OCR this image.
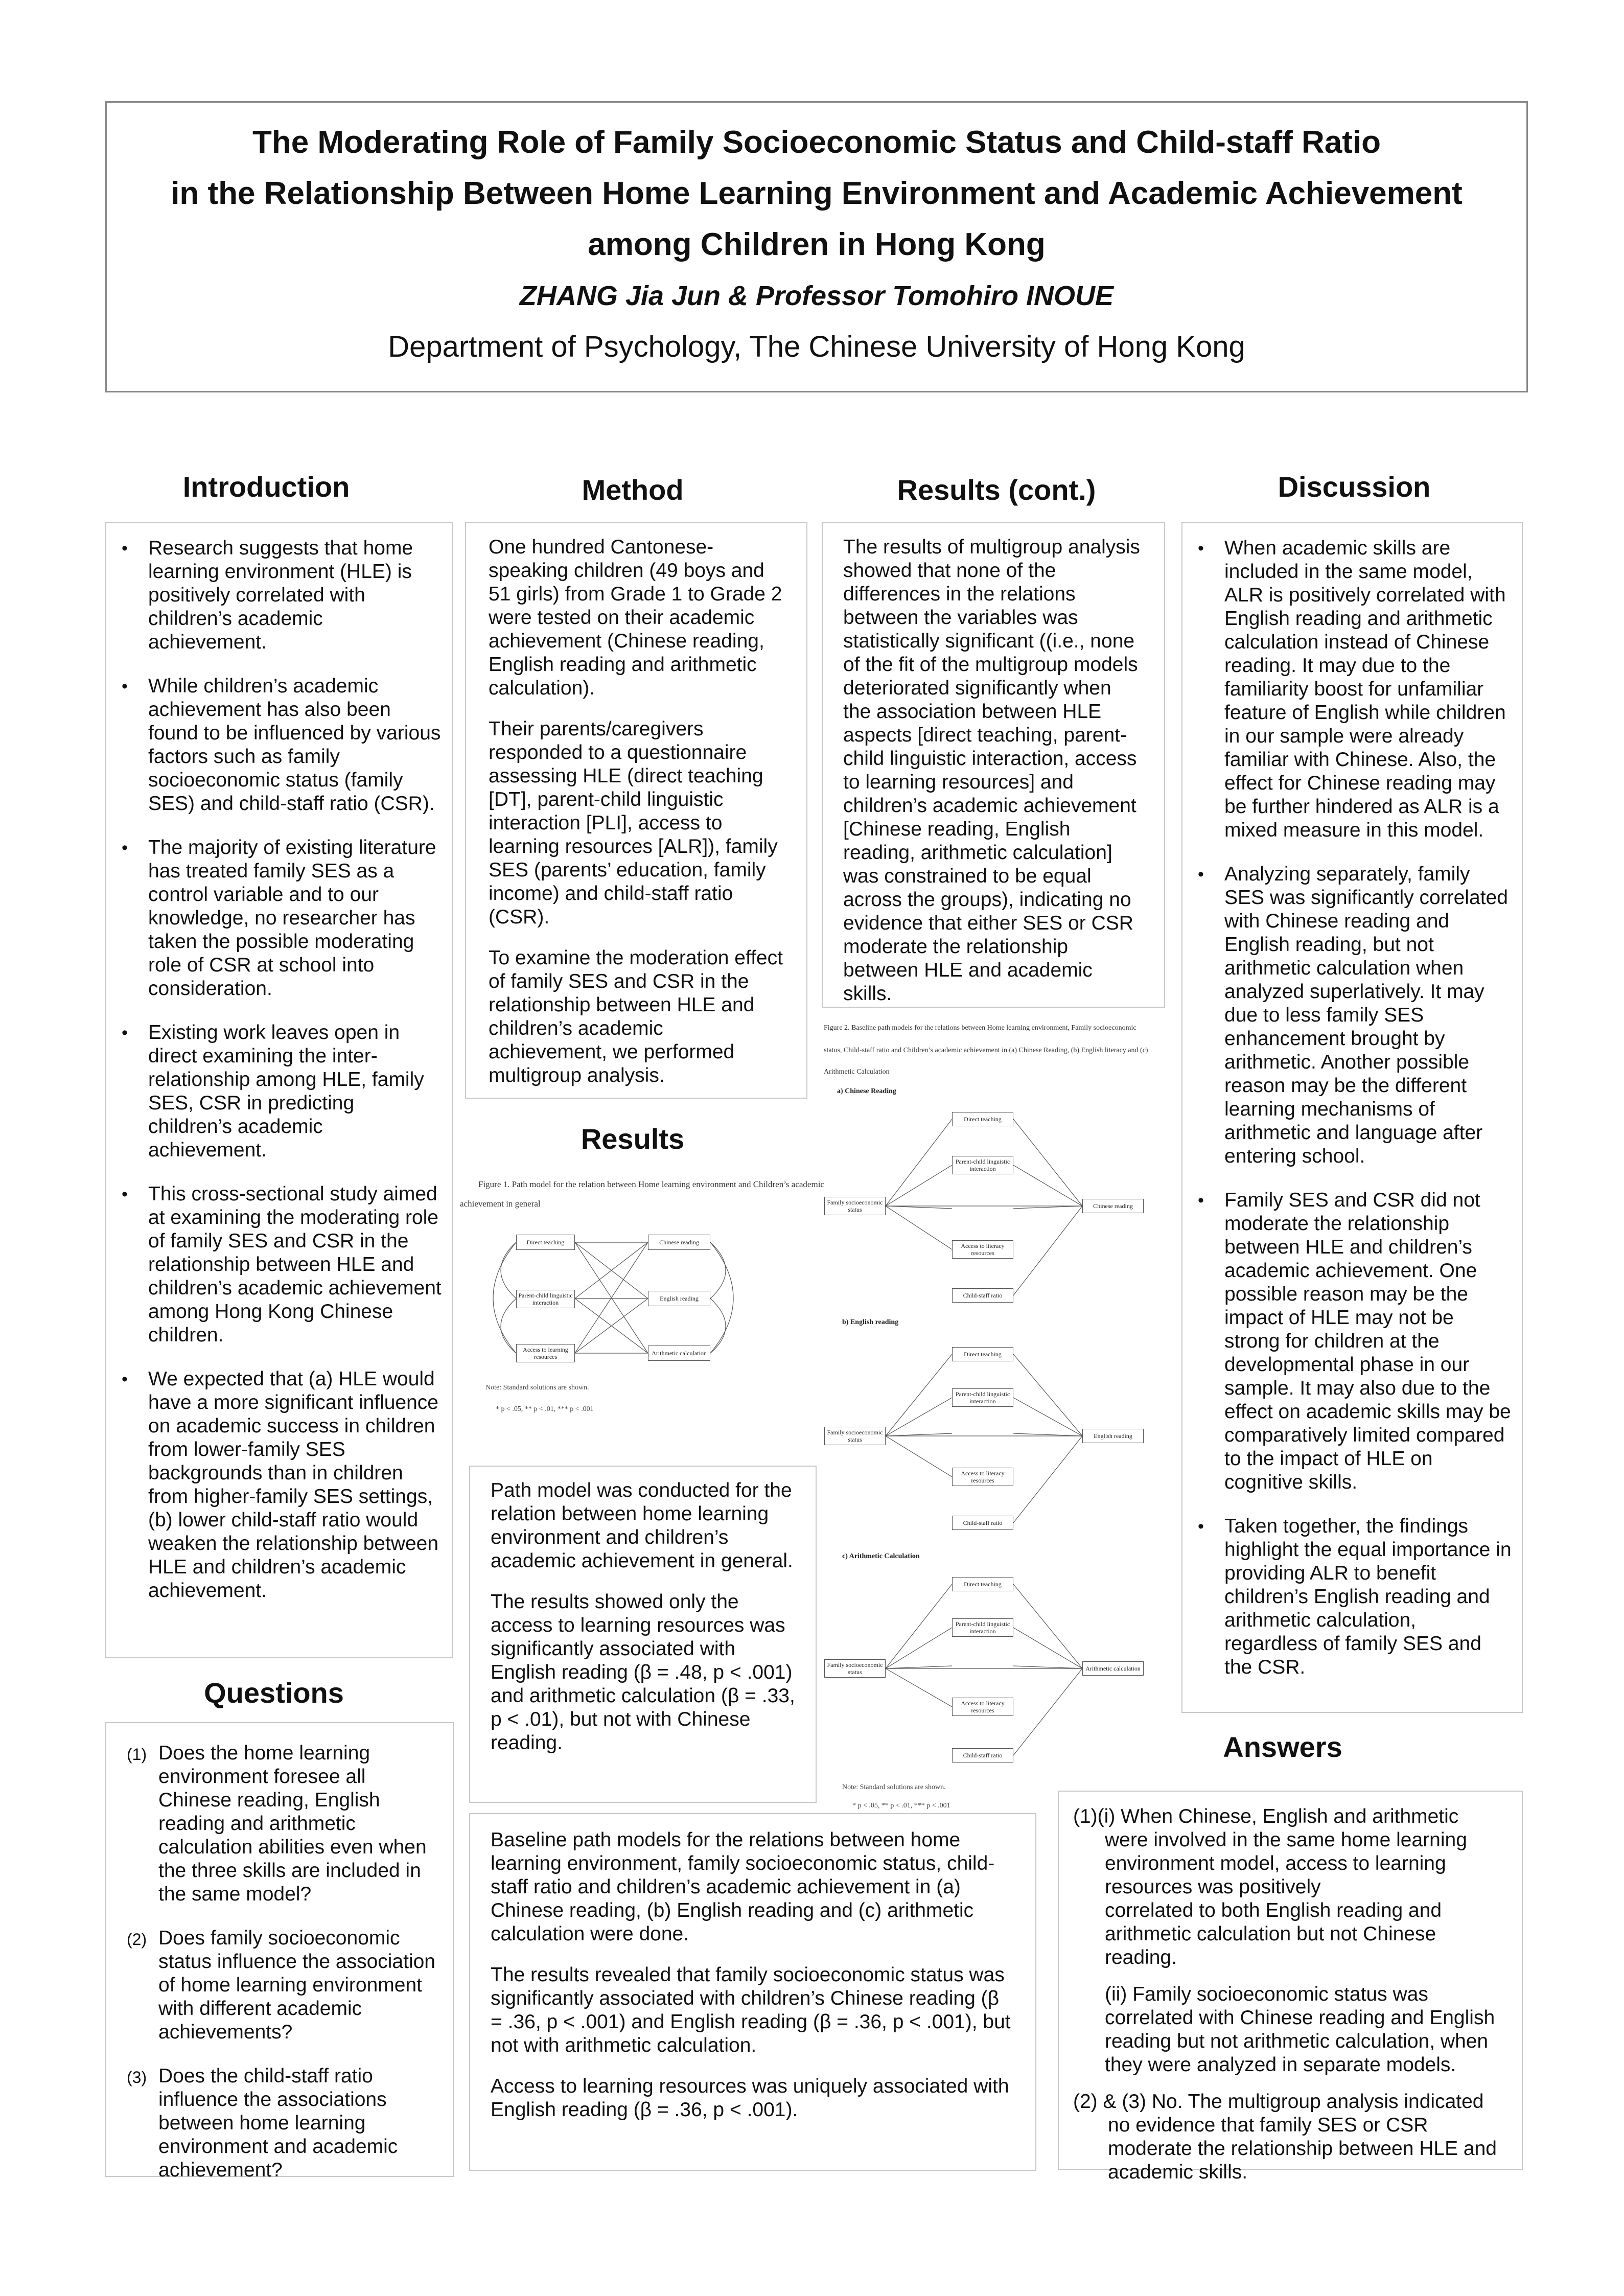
The Moderating Role of Family Socioeconomic Status and Child-staff Ratio
in the Relationship Between Home Learning Environment and Academic Achievement
among Children in Hong Kong
ZHANG Jia Jun & Professor Tomohiro INOUE
Department of Psychology, The Chinese University of Hong Kong
Introduction	Method	Results (cont.)	Discussion
Results
Questions
Answers
• Research suggests that home learning environment (HLE) is positively correlated with children’s academic achievement.
• While children’s academic achievement has also been found to be influenced by various factors such as family socioeconomic status (family SES) and child-staff ratio (CSR).
• The majority of existing literature has treated family SES as a control variable and to our knowledge, no researcher has taken the possible moderating role of CSR at school into consideration.
• Existing work leaves open in direct examining the inter-relationship among HLE, family SES, CSR in predicting children’s academic achievement.
• This cross-sectional study aimed at examining the moderating role of family SES and CSR in the relationship between HLE and children’s academic achievement among Hong Kong Chinese children.
• We expected that (a) HLE would have a more significant influence on academic success in children from lower-family SES backgrounds than in children from higher-family SES settings, (b) lower child-staff ratio would weaken the relationship between HLE and children’s academic achievement.

One hundred Cantonese-speaking children (49 boys and 51 girls) from Grade 1 to Grade 2 were tested on their academic achievement (Chinese reading, English reading and arithmetic calculation).

Their parents/caregivers responded to a questionnaire assessing HLE (direct teaching [DT], parent-child linguistic interaction [PLI], access to learning resources [ALR]), family SES (parents’ education, family income) and child-staff ratio (CSR).

To examine the moderation effect of family SES and CSR in the relationship between HLE and children’s academic achievement, we performed multigroup analysis.

The results of multigroup analysis showed that none of the differences in the relations between the variables was statistically significant ((i.e., none of the fit of the multigroup models deteriorated significantly when the association between HLE aspects [direct teaching, parent-child linguistic interaction, access to learning resources] and children’s academic achievement [Chinese reading, English reading, arithmetic calculation] was constrained to be equal across the groups), indicating no evidence that either SES or CSR moderate the relationship between HLE and academic skills.

• When academic skills are included in the same model, ALR is positively correlated with English reading and arithmetic calculation instead of Chinese reading. It may due to the familiarity boost for unfamiliar feature of English while children in our sample were already familiar with Chinese. Also, the effect for Chinese reading may be further hindered as ALR is a mixed measure in this model.
• Analyzing separately, family SES was significantly correlated with Chinese reading and English reading, but not arithmetic calculation when analyzed superlatively. It may due to less family SES enhancement brought by arithmetic. Another possible reason may be the different learning mechanisms of arithmetic and language after entering school.
• Family SES and CSR did not moderate the relationship between HLE and children’s academic achievement. One possible reason may be the impact of HLE may not be strong for children at the developmental phase in our sample. It may also due to the effect on academic skills may be comparatively limited compared to the impact of HLE on cognitive skills.
• Taken together, the findings highlight the equal importance in providing ALR to benefit children’s English reading and arithmetic calculation, regardless of family SES and the CSR.
(1) Does the home learning environment foresee all Chinese reading, English reading and arithmetic calculation abilities even when the three skills are included in the same model?
(2) Does family socioeconomic status influence the association of home learning environment with different academic achievements?
(3) Does the child-staff ratio influence the associations between home learning environment and academic achievement?

Path model was conducted for the relation between home learning environment and children’s academic achievement in general.

The results showed only the access to learning resources was significantly associated with English reading (β = .48, p < .001) and arithmetic calculation (β = .33, p < .01), but not with Chinese reading.

Baseline path models for the relations between home learning environment, family socioeconomic status, child-staff ratio and children’s academic achievement in (a) Chinese reading, (b) English reading and (c) arithmetic calculation were done.

The results revealed that family socioeconomic status was significantly associated with children’s Chinese reading (β = .36, p < .001) and English reading (β = .36, p < .001), but not with arithmetic calculation.

Access to learning resources was uniquely associated with English reading (β = .36, p < .001).

(1)(i) When Chinese, English and arithmetic were involved in the same home learning environment model, access to learning resources was positively
correlated to both English reading and arithmetic calculation but not Chinese reading.
(ii) Family socioeconomic status was correlated with Chinese reading and English reading but not arithmetic calculation, when they were analyzed in separate models.
(2) & (3) No. The multigroup analysis indicated no evidence that family SES or CSR moderate the relationship between HLE and academic skills.
Figure 1. Path model for the relation between Home learning environment and Children’s academic
achievement in general
Direct teaching
Parent-child linguistic interaction
Access to learning resources
Chinese reading
English reading
Arithmetic calculation
Note: Standard solutions are shown.
* p < .05, ** p < .01, *** p < .001
Figure 2. Baseline path models for the relations between Home learning environment, Family socioeconomic
status, Child-staff ratio and Children’s academic achievement in (a) Chinese Reading, (b) English literacy and (c)
Arithmetic Calculation
a) Chinese Reading
Family socioeconomic status
Direct teaching
Parent-child linguistic interaction
Access to literacy resources
Child-staff ratio
Chinese reading
b) English reading
Family socioeconomic status
Direct teaching
Parent-child linguistic interaction
Access to literacy resources
Child-staff ratio
English reading
c) Arithmetic Calculation
Family socioeconomic status
Direct teaching
Parent-child linguistic interaction
Access to literacy resources
Child-staff ratio
Arithmetic calculation
Note: Standard solutions are shown.
* p < .05, ** p < .01, *** p < .001
